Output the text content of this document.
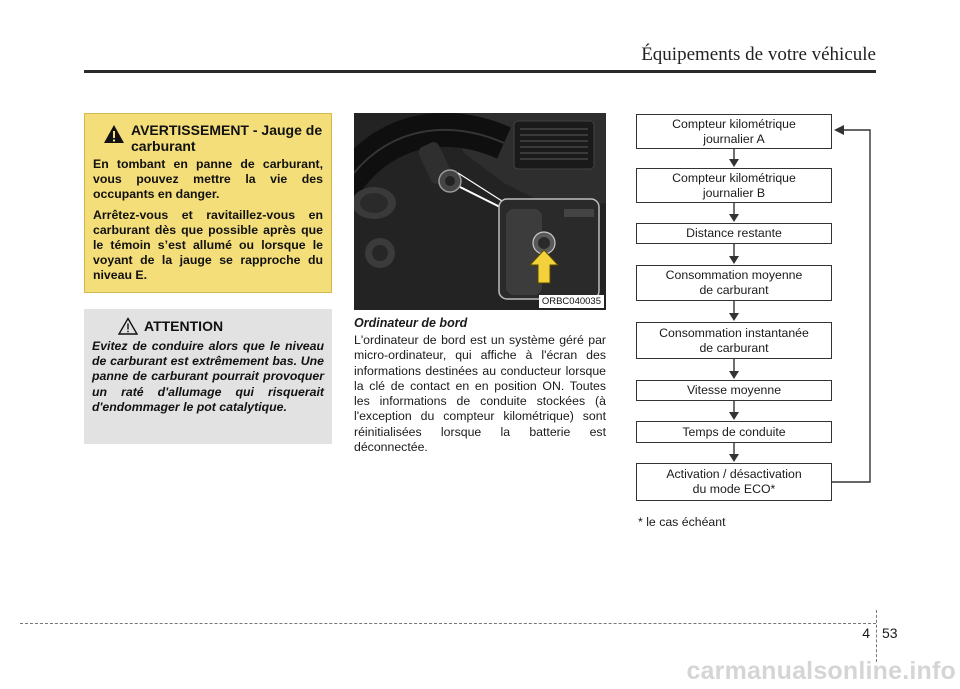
Équipements de votre véhicule
AVERTISSEMENT - Jauge de carburant

En tombant en panne de carburant, vous pouvez mettre la vie des occupants en danger.

Arrêtez-vous et ravitaillez-vous en carburant dès que possible après que le témoin s’est allumé ou lorsque le voyant de la jauge se rapproche du niveau E.

ATTENTION
Evitez de conduire alors que le niveau de carburant est extrêmement bas. Une panne de carburant pourrait provoquer un raté d'allumage qui risquerait d'endommager le pot catalytique.
ORBC040035
Ordinateur de bord
L'ordinateur de bord est un système géré par micro-ordinateur, qui affiche à l'écran des informations destinées au conducteur lorsque la clé de contact en en position ON. Toutes les informations de conduite stockées (à l'exception du compteur kilométrique) sont réinitialisées lorsque la batterie est déconnectée.
Compteur kilométrique
journalier A
Compteur kilométrique
journalier B
Distance restante
Consommation moyenne
de carburant
Consommation instantanée
de carburant
Vitesse moyenne
Temps de conduite
Activation / désactivation
du mode ECO*
* le cas échéant
4 53
carmanualsonline.info
